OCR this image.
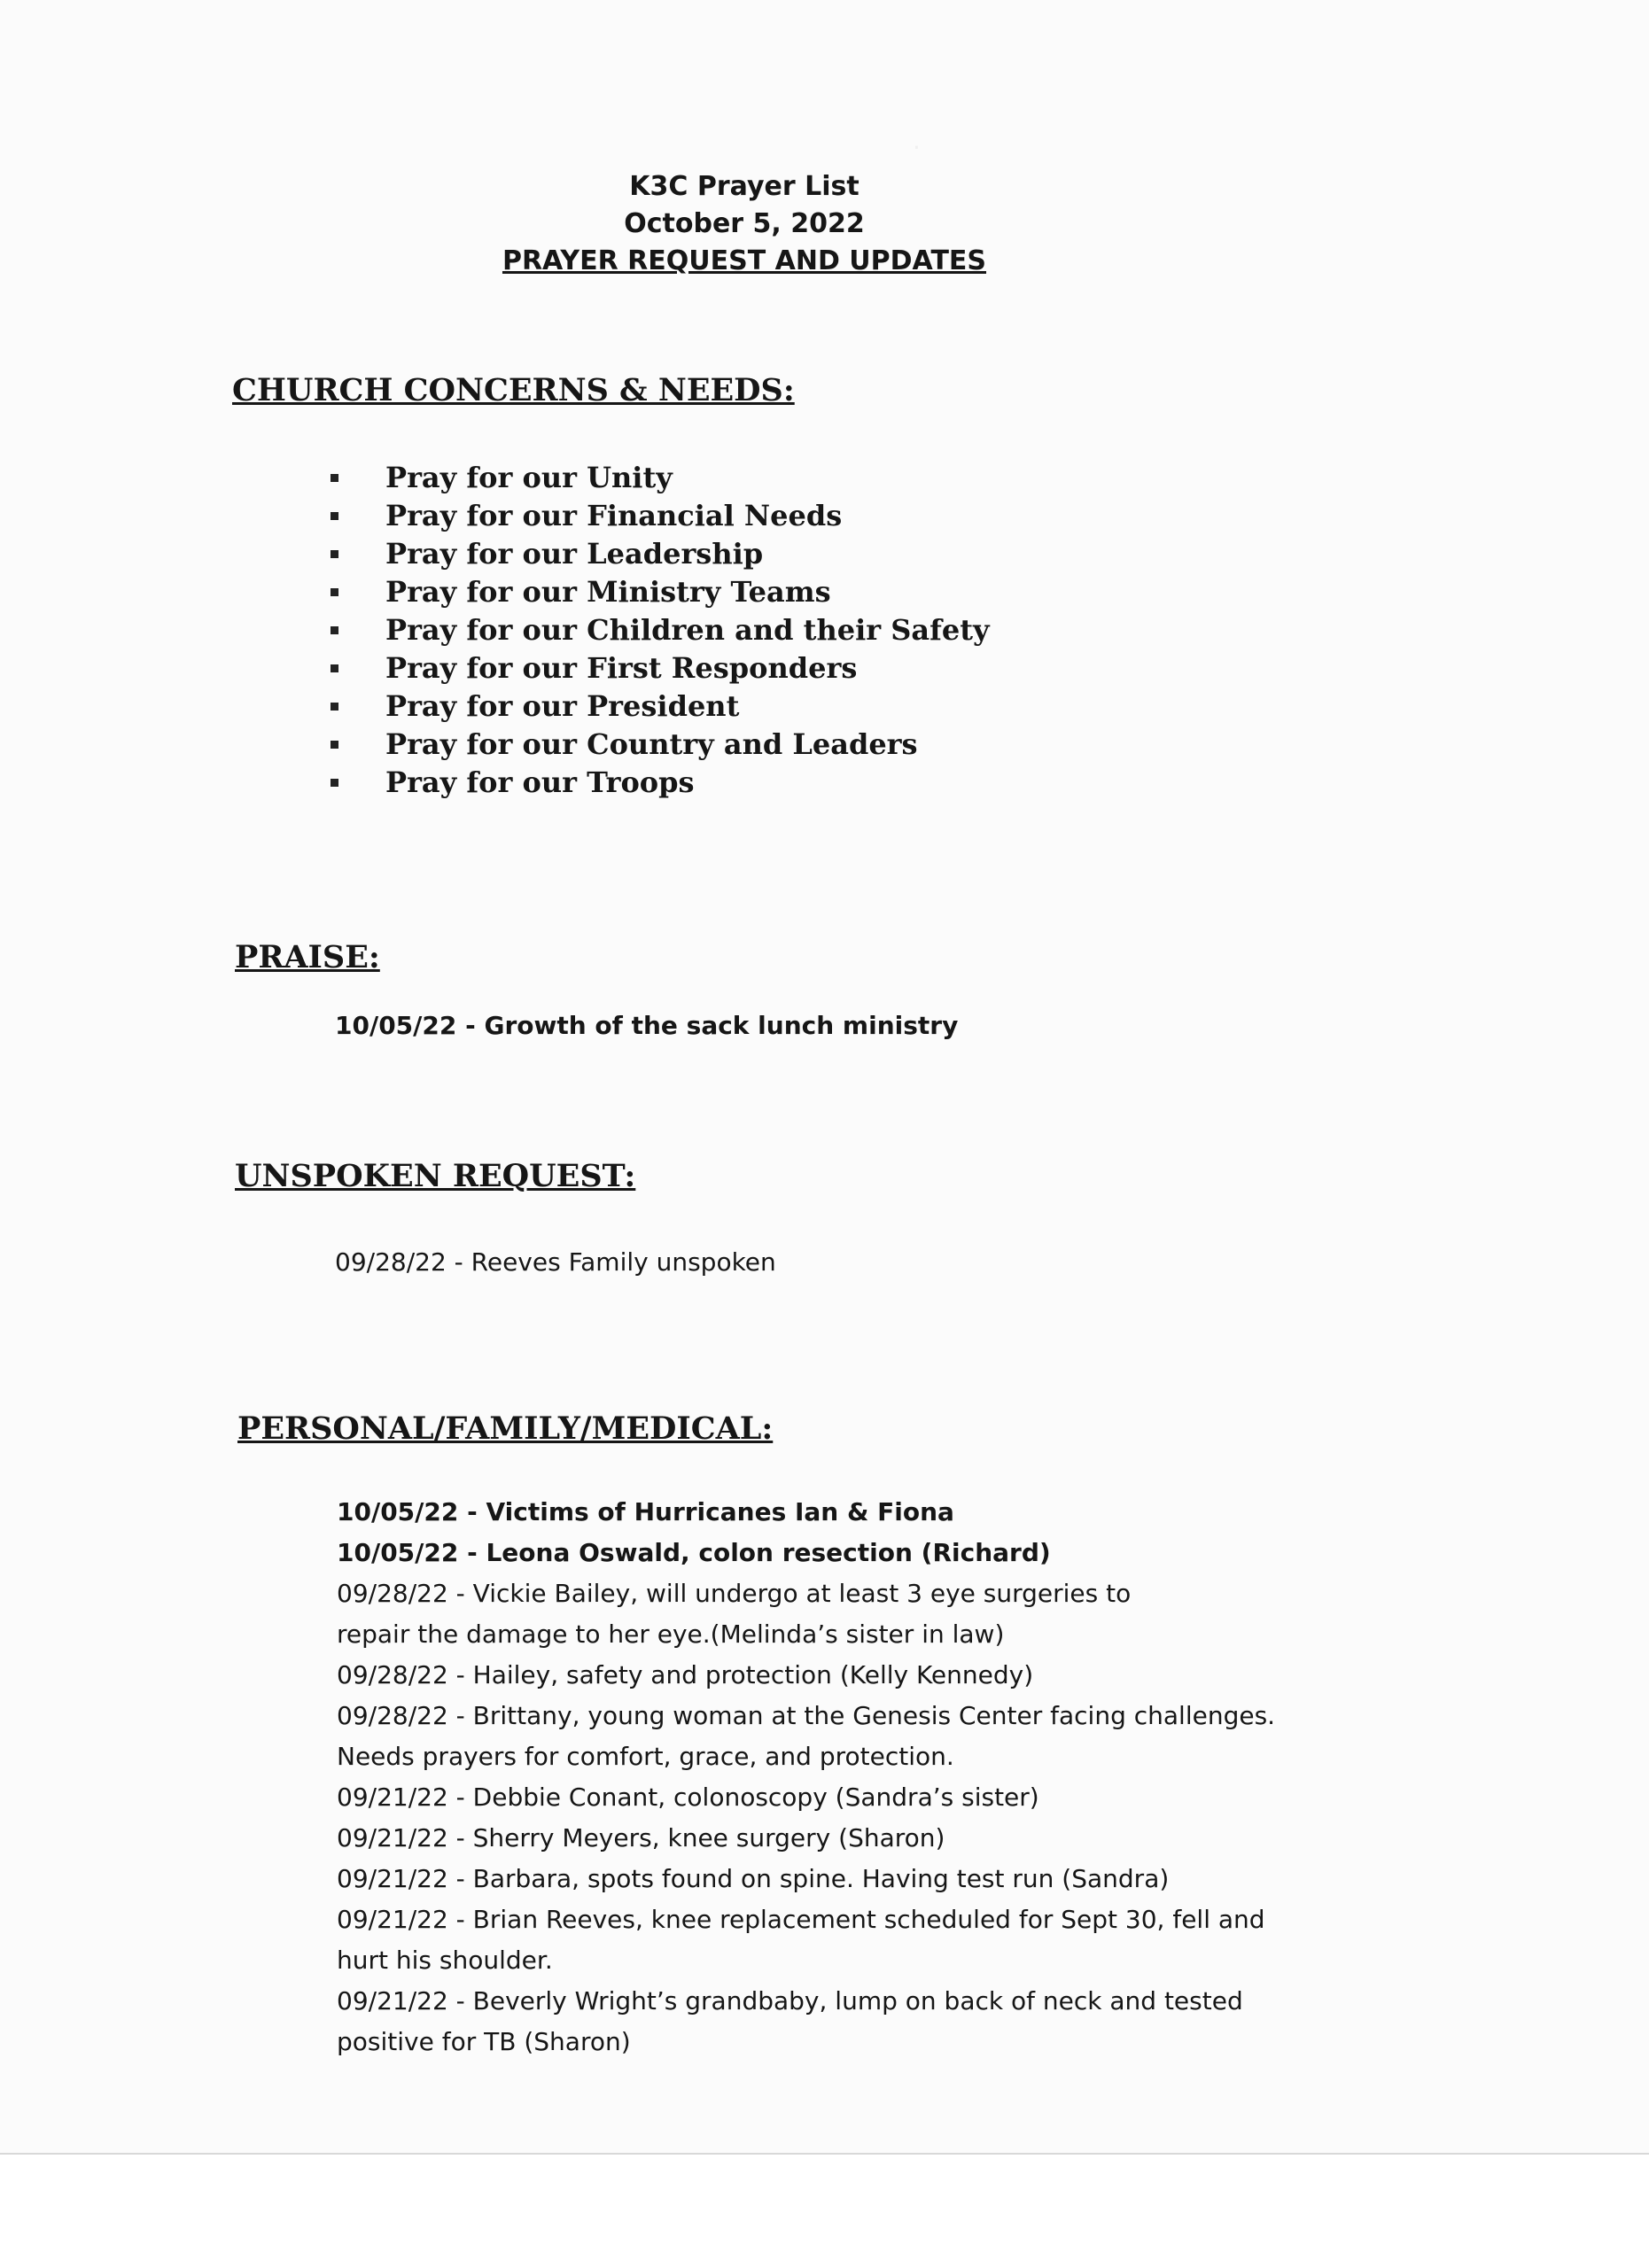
K3C Prayer List
October 5, 2022
PRAYER REQUEST AND UPDATES
CHURCH CONCERNS & NEEDS:
Pray for our Unity
Pray for our Financial Needs
Pray for our Leadership
Pray for our Ministry Teams
Pray for our Children and their Safety
Pray for our First Responders
Pray for our President
Pray for our Country and Leaders
Pray for our Troops
PRAISE:
10/05/22 - Growth of the sack lunch ministry
UNSPOKEN REQUEST:
09/28/22 - Reeves Family unspoken
PERSONAL/FAMILY/MEDICAL:
10/05/22 - Victims of Hurricanes Ian & Fiona
10/05/22 - Leona Oswald, colon resection (Richard)
09/28/22 - Vickie Bailey, will undergo at least 3 eye surgeries to
repair the damage to her eye.(Melinda’s sister in law)
09/28/22 - Hailey, safety and protection (Kelly Kennedy)
09/28/22 - Brittany, young woman at the Genesis Center facing challenges.
Needs prayers for comfort, grace, and protection.
09/21/22 - Debbie Conant, colonoscopy (Sandra’s sister)
09/21/22 - Sherry Meyers, knee surgery (Sharon)
09/21/22 - Barbara, spots found on spine. Having test run (Sandra)
09/21/22 - Brian Reeves, knee replacement scheduled for Sept 30, fell and
hurt his shoulder.
09/21/22 - Beverly Wright’s grandbaby, lump on back of neck and tested
positive for TB (Sharon)
